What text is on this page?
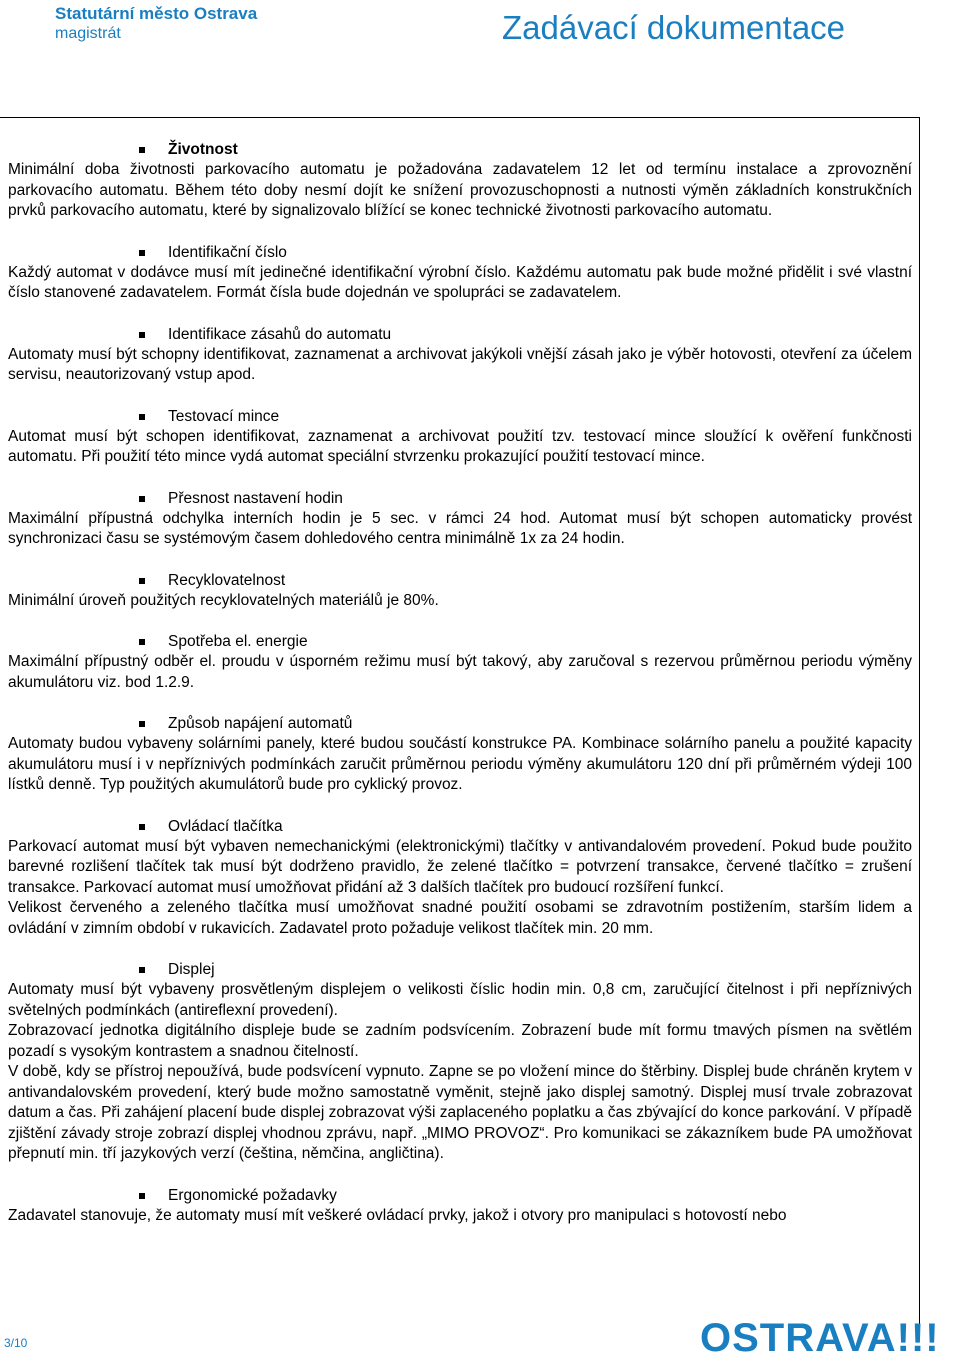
Statutární město Ostrava
magistrát	Zadávací dokumentace
Životnost

Minimální doba životnosti parkovacího automatu je požadována zadavatelem 12 let od termínu instalace a zprovoznění parkovacího automatu. Během této doby nesmí dojít ke snížení provozuschopnosti a nutnosti výměn základních konstrukčních prvků parkovacího automatu, které by signalizovalo blížící se konec technické životnosti parkovacího automatu.

Identifikační číslo

Každý automat v dodávce musí mít jedinečné identifikační výrobní číslo. Každému automatu pak bude možné přidělit i své vlastní číslo stanovené zadavatelem. Formát čísla bude dojednán ve spolupráci se zadavatelem.

Identifikace zásahů do automatu

Automaty musí být schopny identifikovat, zaznamenat a archivovat jakýkoli vnější zásah jako je výběr hotovosti, otevření za účelem servisu, neautorizovaný vstup apod.

Testovací mince

Automat musí být schopen identifikovat, zaznamenat a archivovat použití tzv. testovací mince sloužící k ověření funkčnosti automatu. Při použití této mince vydá automat speciální stvrzenku prokazující použití testovací mince.

Přesnost nastavení hodin

Maximální přípustná odchylka interních hodin je 5 sec. v rámci 24 hod. Automat musí být schopen automaticky provést synchronizaci času se systémovým časem dohledového centra minimálně 1x za 24 hodin.

Recyklovatelnost

Minimální úroveň použitých recyklovatelných materiálů je 80%.

Spotřeba el. energie

Maximální přípustný odběr el. proudu v úsporném režimu musí být takový, aby zaručoval s rezervou průměrnou periodu výměny akumulátoru viz. bod 1.2.9.

Způsob napájení automatů

Automaty budou vybaveny solárními panely, které budou součástí konstrukce PA. Kombinace solárního panelu a použité kapacity akumulátoru musí i v nepříznivých podmínkách zaručit průměrnou periodu výměny akumulátoru 120 dní při průměrném výdeji 100 lístků denně. Typ použitých akumulátorů bude pro cyklický provoz.

Ovládací tlačítka

Parkovací automat musí být vybaven nemechanickými (elektronickými) tlačítky v antivandalovém provedení. Pokud bude použito barevné rozlišení tlačítek tak musí být dodrženo pravidlo, že zelené tlačítko = potvrzení transakce, červené tlačítko = zrušení transakce. Parkovací automat musí umožňovat přidání až 3 dalších tlačítek pro budoucí rozšíření funkcí.

Velikost červeného a zeleného tlačítka musí umožňovat snadné použití osobami se zdravotním postižením, starším lidem a ovládání v zimním období v rukavicích. Zadavatel proto požaduje velikost tlačítek min. 20 mm.

Displej

Automaty musí být vybaveny prosvětleným displejem o velikosti číslic hodin min. 0,8 cm, zaručující čitelnost i při nepříznivých světelných podmínkách (antireflexní provedení).

Zobrazovací jednotka digitálního displeje bude se zadním podsvícením. Zobrazení bude mít formu tmavých písmen na světlém pozadí s vysokým kontrastem a snadnou čitelností.

V době, kdy se přístroj nepoužívá, bude podsvícení vypnuto. Zapne se po vložení mince do štěrbiny. Displej bude chráněn krytem v antivandalovském provedení, který bude možno samostatně vyměnit, stejně jako displej samotný. Displej musí trvale zobrazovat datum a čas. Při zahájení placení bude displej zobrazovat výši zaplaceného poplatku a čas zbývající do konce parkování. V případě zjištění závady stroje zobrazí displej vhodnou zprávu, např. „MIMO PROVOZ“. Pro komunikaci se zákazníkem bude PA umožňovat přepnutí min. tří jazykových verzí (čeština, němčina, angličtina).

Ergonomické požadavky

Zadavatel stanovuje, že automaty musí mít veškeré ovládací prvky, jakož i otvory pro manipulaci s hotovostí nebo

3/10	OSTRAVA!!!
